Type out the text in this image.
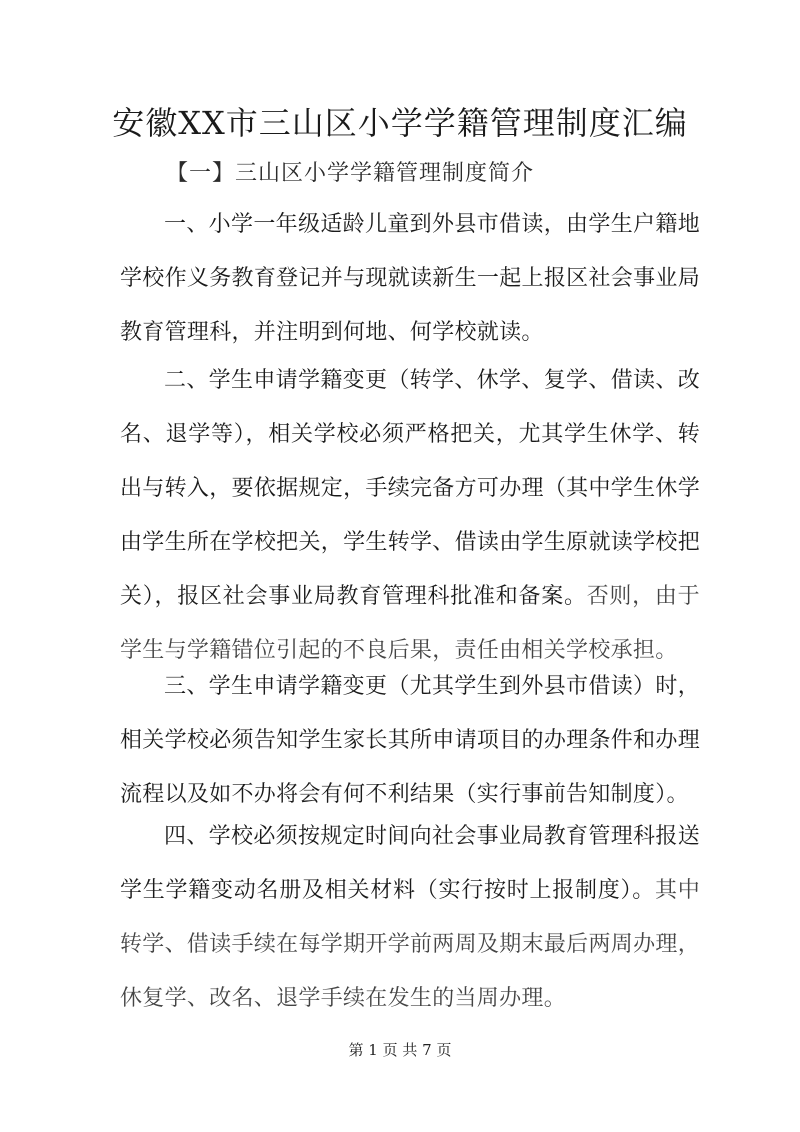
安徽XX市三山区小学学籍管理制度汇编
【一】三山区小学学籍管理制度简介

一、小学一年级适龄儿童到外县市借读，由学生户籍地学校作义务教育登记并与现就读新生一起上报区社会事业局教育管理科，并注明到何地、何学校就读。

二、学生申请学籍变更（转学、休学、复学、借读、改名、退学等），相关学校必须严格把关，尤其学生休学、转出与转入，要依据规定，手续完备方可办理（其中学生休学由学生所在学校把关，学生转学、借读由学生原就读学校把关），报区社会事业局教育管理科批准和备案。否则，由于学生与学籍错位引起的不良后果，责任由相关学校承担。

三、学生申请学籍变更（尤其学生到外县市借读）时，相关学校必须告知学生家长其所申请项目的办理条件和办理流程以及如不办将会有何不利结果（实行事前告知制度）。

四、学校必须按规定时间向社会事业局教育管理科报送学生学籍变动名册及相关材料（实行按时上报制度）。其中转学、借读手续在每学期开学前两周及期末最后两周办理，休复学、改名、退学手续在发生的当周办理。

第 1 页 共 7 页
